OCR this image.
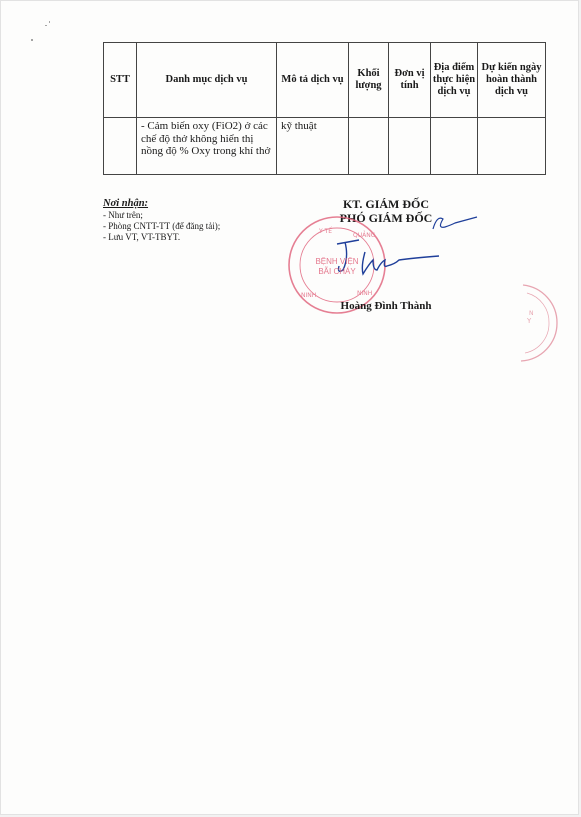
STT	Danh mục dịch vụ	Mô tả dịch vụ	Khối lượng	Đơn vị tính	Địa điểm thực hiện dịch vụ	Dự kiến ngày hoàn thành dịch vụ
	- Cảm biến oxy (FiO2) ở các chế độ thở không hiển thị nồng độ % Oxy trong khí thở	kỹ thuật				
Nơi nhận:
- Như trên;
- Phòng CNTT-TT (để đăng tải);
- Lưu VT, VT-TBYT.
KT. GIÁM ĐỐC
PHÓ GIÁM ĐỐC
Y TẾ
QUẢNG
NINH	NINH
Y
N
BỆNH VIỆN
BÃI CHÁY
Hoàng Đình Thành
